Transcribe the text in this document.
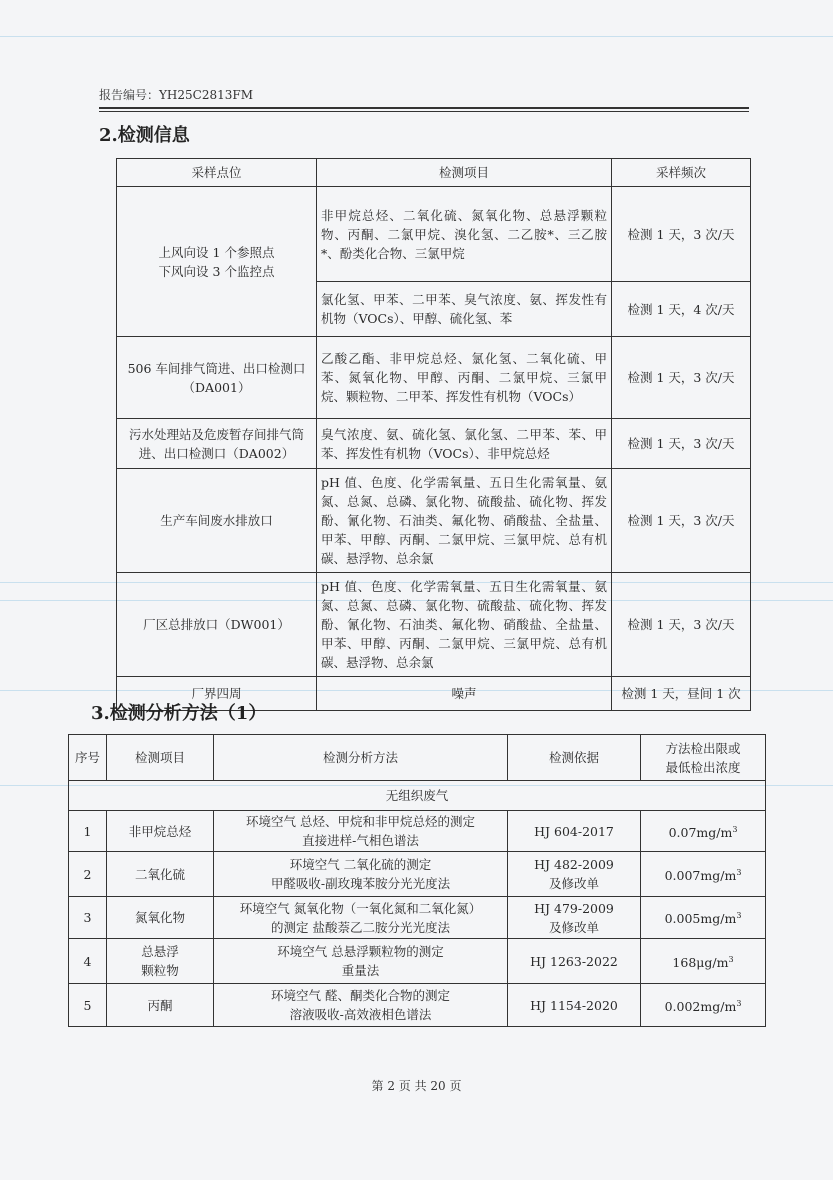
报告编号：YH25C2813FM
2.检测信息
采样点位	检测项目	采样频次
上风向设 1 个参照点
下风向设 3 个监控点	非甲烷总烃、二氧化硫、氮氧化物、总悬浮颗粒物、丙酮、二氯甲烷、溴化氢、二乙胺*、三乙胺*、酚类化合物、三氯甲烷	检测 1 天，3 次/天
	氯化氢、甲苯、二甲苯、臭气浓度、氨、挥发性有机物（VOCs）、甲醇、硫化氢、苯	检测 1 天，4 次/天
506 车间排气筒进、出口检测口（DA001）	乙酸乙酯、非甲烷总烃、氯化氢、二氧化硫、甲苯、氮氧化物、甲醇、丙酮、二氯甲烷、三氯甲烷、颗粒物、二甲苯、挥发性有机物（VOCs）	检测 1 天，3 次/天
污水处理站及危废暂存间排气筒进、出口检测口（DA002）	臭气浓度、氨、硫化氢、氯化氢、二甲苯、苯、甲苯、挥发性有机物（VOCs）、非甲烷总烃	检测 1 天，3 次/天
生产车间废水排放口	pH 值、色度、化学需氧量、五日生化需氧量、氨氮、总氮、总磷、氯化物、硫酸盐、硫化物、挥发酚、氰化物、石油类、氟化物、硝酸盐、全盐量、甲苯、甲醇、丙酮、二氯甲烷、三氯甲烷、总有机碳、悬浮物、总余氯	检测 1 天，3 次/天
厂区总排放口（DW001）	pH 值、色度、化学需氧量、五日生化需氧量、氨氮、总氮、总磷、氯化物、硫酸盐、硫化物、挥发酚、氰化物、石油类、氟化物、硝酸盐、全盐量、甲苯、甲醇、丙酮、二氯甲烷、三氯甲烷、总有机碳、悬浮物、总余氯	检测 1 天，3 次/天
厂界四周	噪声	检测 1 天，昼间 1 次
3.检测分析方法（1）
序号	检测项目	检测分析方法	检测依据	方法检出限或
最低检出浓度
无组织废气				
1	非甲烷总烃	环境空气 总烃、甲烷和非甲烷总烃的测定
直接进样-气相色谱法	HJ 604-2017	$0.07mg/m^3$
2	二氧化硫	环境空气 二氧化硫的测定
甲醛吸收-副玫瑰苯胺分光光度法	HJ 482-2009
及修改单	$0.007mg/m^3$
3	氮氧化物	环境空气 氮氧化物（一氧化氮和二氧化氮）
的测定 盐酸萘乙二胺分光光度法	HJ 479-2009
及修改单	$0.005mg/m^3$
4	总悬浮
颗粒物	环境空气 总悬浮颗粒物的测定
重量法	HJ 1263-2022	$168\mu g/m^3$
5	丙酮	环境空气 醛、酮类化合物的测定
溶液吸收-高效液相色谱法	HJ 1154-2020	$0.002mg/m^3$
第 2 页 共 20 页
